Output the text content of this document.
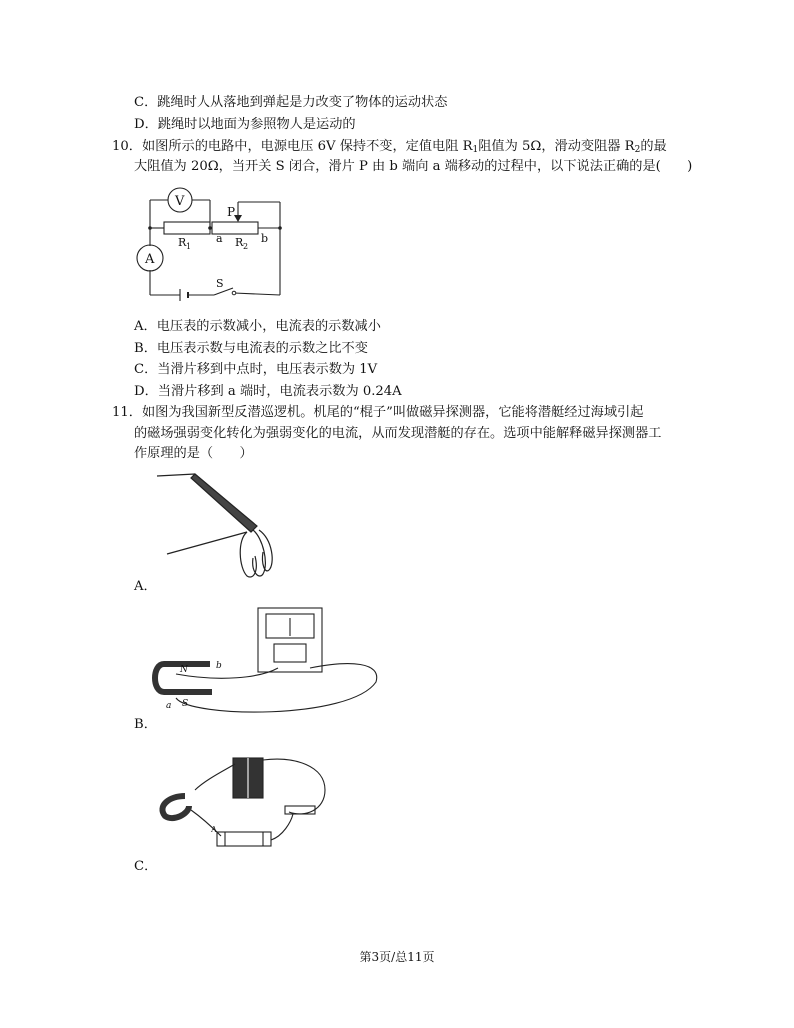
C．跳绳时人从落地到弹起是力改变了物体的运动状态
D．跳绳时以地面为参照物人是运动的
10．如图所示的电路中，电源电压 6V 保持不变，定值电阻 $R_1$阻值为 5Ω，滑动变阻器 $R_2$的最
大阻值为 20Ω，当开关 S 闭合，滑片 P 由 b 端向 a 端移动的过程中，以下说法正确的是(　　)
V
A
P
R 1	R 2
a	b
S
A．电压表的示数减小，电流表的示数减小
B．电压表示数与电流表的示数之比不变
C．当滑片移到中点时，电压表示数为 1V
D．当滑片移到 a 端时，电流表示数为 0.24A
11．如图为我国新型反潜巡逻机。机尾的“棍子”叫做磁异探测器，它能将潜艇经过海域引起
的磁场强弱变化转化为强弱变化的电流，从而发现潜艇的存在。选项中能解释磁异探测器工
作原理的是（　　）
A．
N
S
a
b
B．
A
C．
第3页/总11页
